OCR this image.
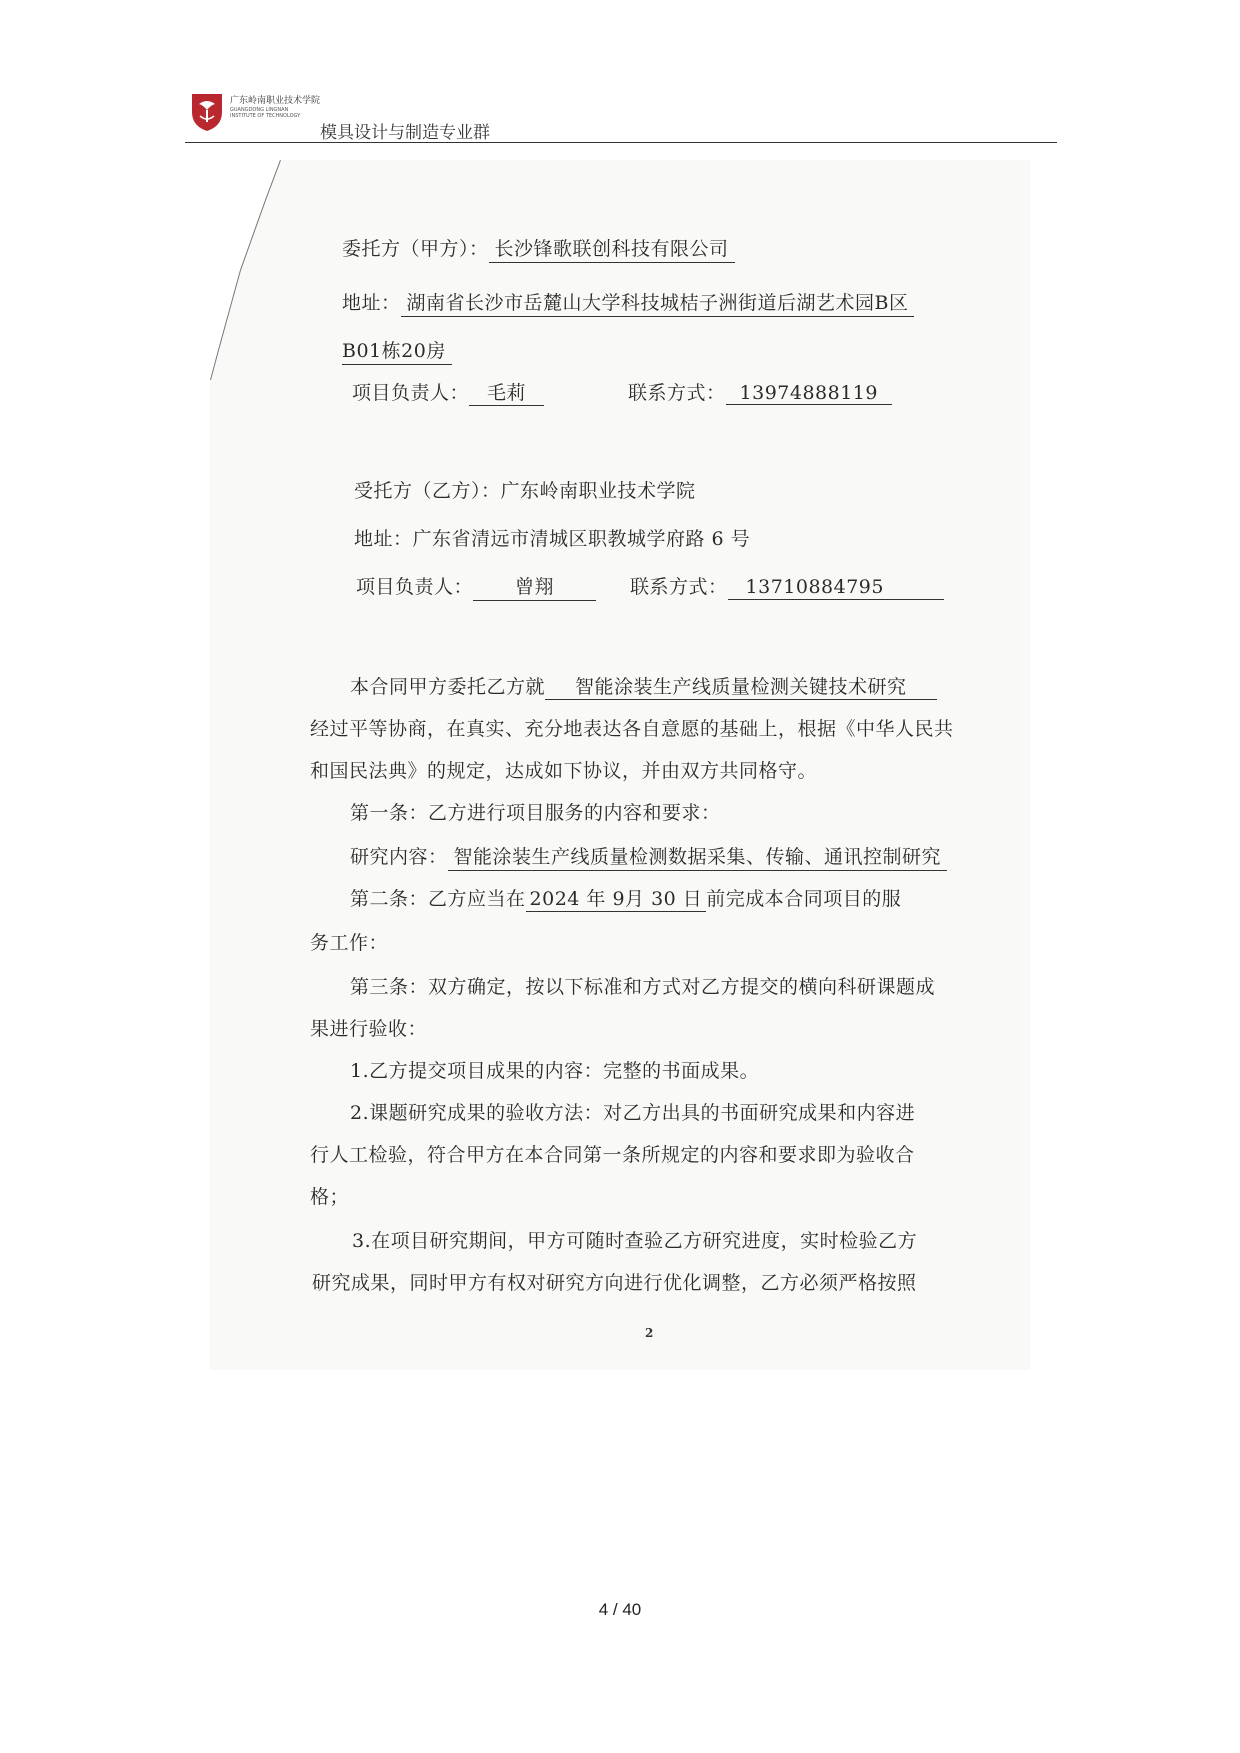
广东岭南职业技术学院
GUANGDONG LINGNAN
INSTITUTE OF TECHNOLOGY
模具设计与制造专业群
委托方（甲方）： 长沙锋歌联创科技有限公司
地址： 湖南省长沙市岳麓山大学科技城桔子洲街道后湖艺术园B区
B01栋20房
项目负责人： 毛莉	联系方式： 13974888119
受托方（乙方）：广东岭南职业技术学院
地址：广东省清远市清城区职教城学府路 6 号
项目负责人： 曾翔	联系方式： 13710884795
本合同甲方委托乙方就 智能涂装生产线质量检测关键技术研究
经过平等协商，在真实、充分地表达各自意愿的基础上，根据《中华人民共
和国民法典》的规定，达成如下协议，并由双方共同格守。
第一条：乙方进行项目服务的内容和要求：
研究内容： 智能涂装生产线质量检测数据采集、传输、通讯控制研究
第二条：乙方应当在 2024 年 9月 30 日 前完成本合同项目的服
务工作：
第三条：双方确定，按以下标准和方式对乙方提交的横向科研课题成
果进行验收：
1.乙方提交项目成果的内容：完整的书面成果。
2.课题研究成果的验收方法：对乙方出具的书面研究成果和内容进
行人工检验，符合甲方在本合同第一条所规定的内容和要求即为验收合
格；
3.在项目研究期间，甲方可随时查验乙方研究进度，实时检验乙方
研究成果，同时甲方有权对研究方向进行优化调整，乙方必须严格按照
2
4 / 40
